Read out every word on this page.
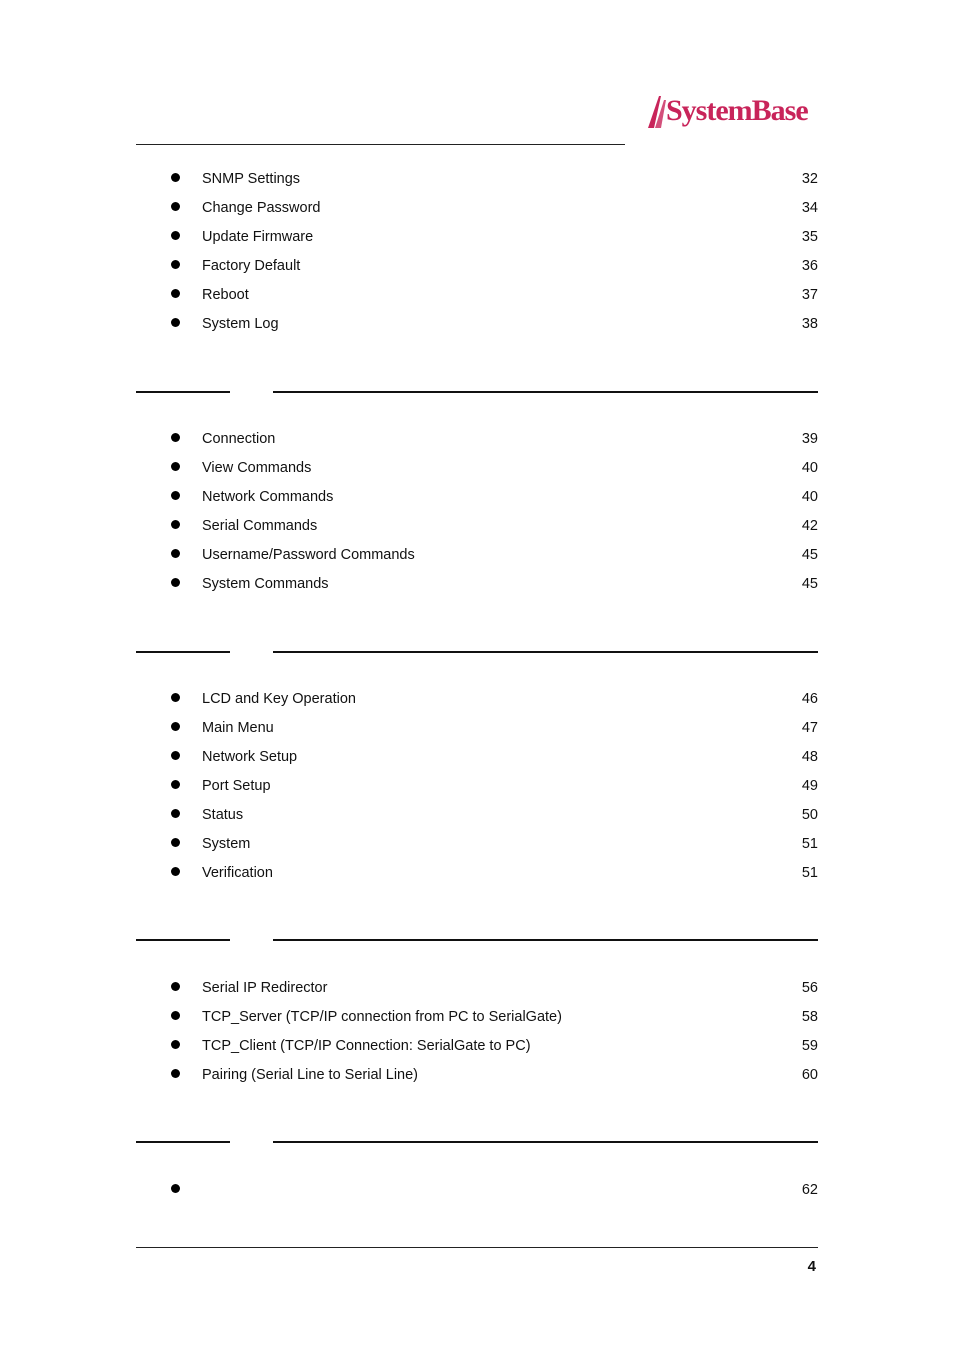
SystemBase
SNMP Settings	32
Change Password	34
Update Firmware	35
Factory Default	36
Reboot	37
System Log	38
Connection	39
View Commands	40
Network Commands	40
Serial Commands	42
Username/Password Commands	45
System Commands	45
LCD and Key Operation	46
Main Menu	47
Network Setup	48
Port Setup	49
Status	50
System	51
Verification	51
Serial IP Redirector	56
TCP_Server (TCP/IP connection from PC to SerialGate)	58
TCP_Client (TCP/IP Connection: SerialGate to PC)	59
Pairing (Serial Line to Serial Line)	60
62
4
